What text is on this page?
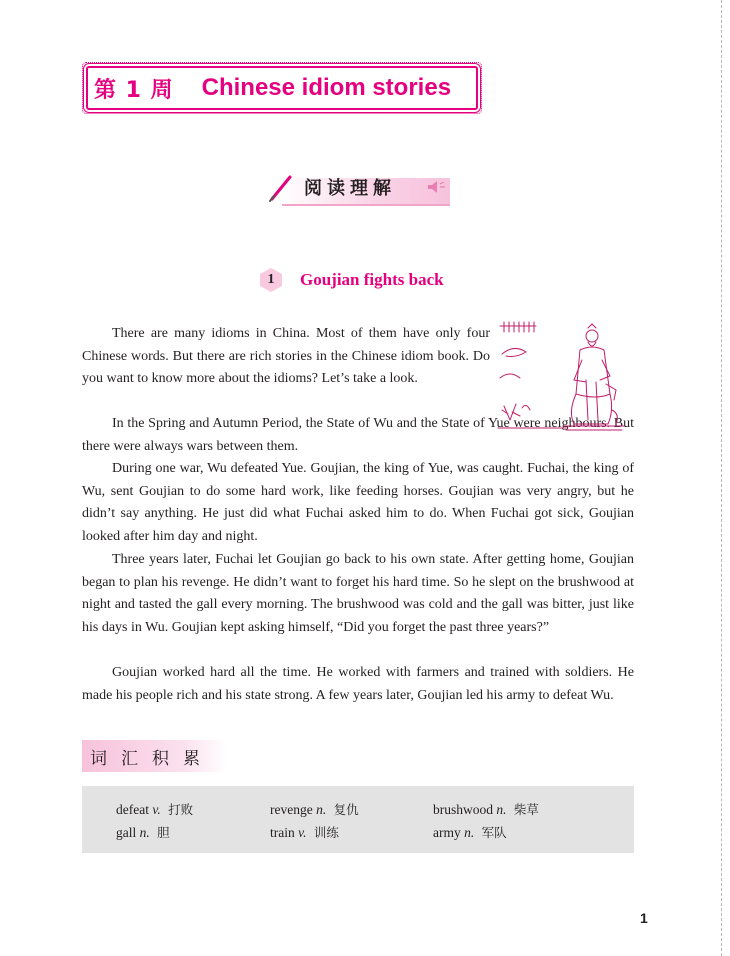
第 1 周 Chinese idiom stories
阅读理解
1 Goujian fights back

There are many idioms in China. Most of them have only four Chinese words. But there are rich stories in the Chinese idiom book. Do you want to know more about the idioms? Let’s take a look.

In the Spring and Autumn Period, the State of Wu and the State of Yue were neighbours. But there were always wars between them.

During one war, Wu defeated Yue. Goujian, the king of Yue, was caught. Fuchai, the king of Wu, sent Goujian to do some hard work, like feeding horses. Goujian was very angry, but he didn’t say anything. He just did what Fuchai asked him to do. When Fuchai got sick, Goujian looked after him day and night.

Three years later, Fuchai let Goujian go back to his own state. After getting home, Goujian began to plan his revenge. He didn’t want to forget his hard time. So he slept on the brushwood at night and tasted the gall every morning. The brushwood was cold and the gall was bitter, just like his days in Wu. Goujian kept asking himself, “Did you forget the past three years?”

Goujian worked hard all the time. He worked with farmers and trained with soldiers. He made his people rich and his state strong. A few years later, Goujian led his army to defeat Wu.

词汇积累
defeat v. 打败	revenge n. 复仇	brushwood n. 柴草
gall n. 胆	train v. 训练	army n. 军队
1
